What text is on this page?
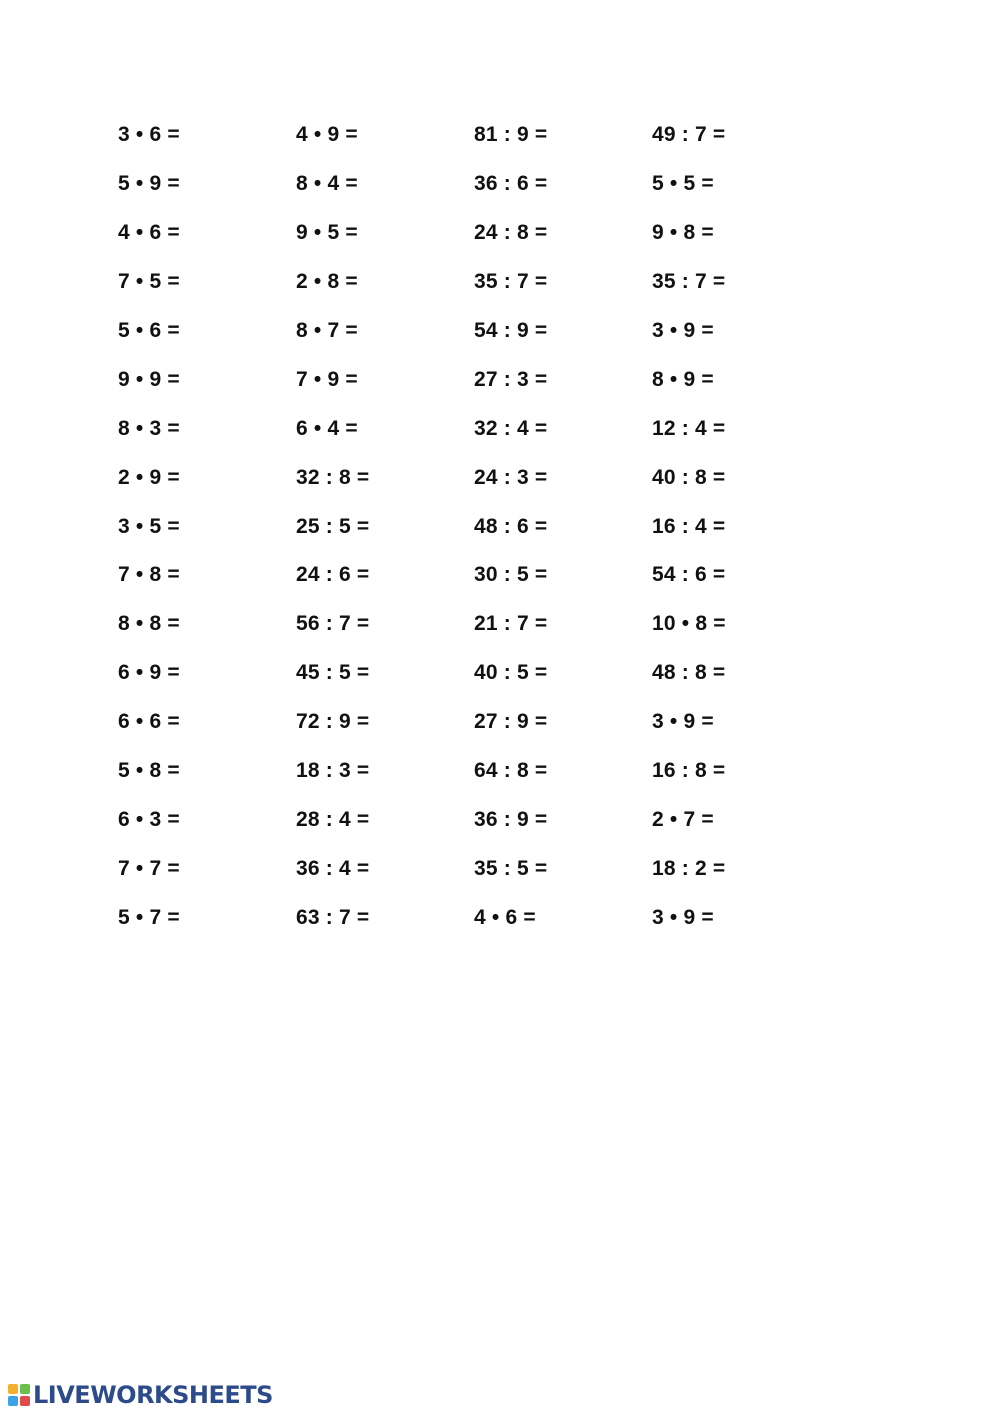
3 • 6 =	4 • 9 =	81 : 9 =	49 : 7 =
5 • 9 =	8 • 4 =	36 : 6 =	5 • 5 =
4 • 6 =	9 • 5 =	24 : 8 =	9 • 8 =
7 • 5 =	2 • 8 =	35 : 7 =	35 : 7 =
5 • 6 =	8 • 7 =	54 : 9 =	3 • 9 =
9 • 9 =	7 • 9 =	27 : 3 =	8 • 9 =
8 • 3 =	6 • 4 =	32 : 4 =	12 : 4 =
2 • 9 =	32 : 8 =	24 : 3 =	40 : 8 =
3 • 5 =	25 : 5 =	48 : 6 =	16 : 4 =
7 • 8 =	24 : 6 =	30 : 5 =	54 : 6 =
8 • 8 =	56 : 7 =	21 : 7 =	10 • 8 =
6 • 9 =	45 : 5 =	40 : 5 =	48 : 8 =
6 • 6 =	72 : 9 =	27 : 9 =	3 • 9 =
5 • 8 =	18 : 3 =	64 : 8 =	16 : 8 =
6 • 3 =	28 : 4 =	36 : 9 =	2 • 7 =
7 • 7 =	36 : 4 =	35 : 5 =	18 : 2 =
5 • 7 =	63 : 7 =	4 • 6 =	3 • 9 =
LIVEWORKSHEETS
